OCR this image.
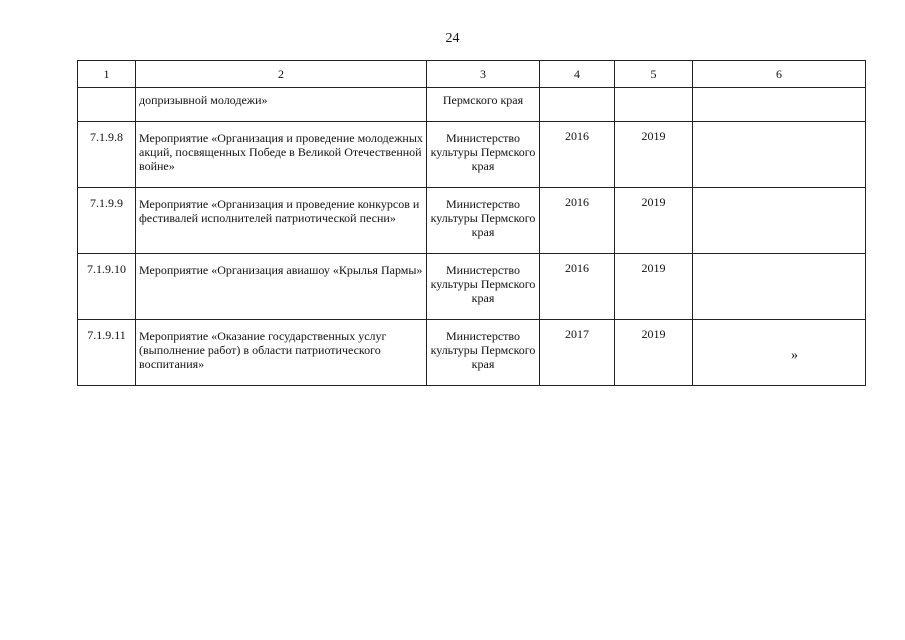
24
1	2	3	4	5	6
	допризывной молодежи»	Пермского края			
7.1.9.8	Мероприятие «Организация и проведение молодежных акций, посвященных Победе в Великой Отечественной войне»	Министерство культуры Пермского края	2016	2019	
7.1.9.9	Мероприятие «Организация и проведение конкурсов и фестивалей исполнителей патриотической песни»	Министерство культуры Пермского края	2016	2019	
7.1.9.10	Мероприятие «Организация авиашоу «Крылья Пармы»	Министерство культуры Пермского края	2016	2019	
7.1.9.11	Мероприятие «Оказание государственных услуг (выполнение работ) в области патриотического воспитания»	Министерство культуры Пермского края	2017	2019	
»
